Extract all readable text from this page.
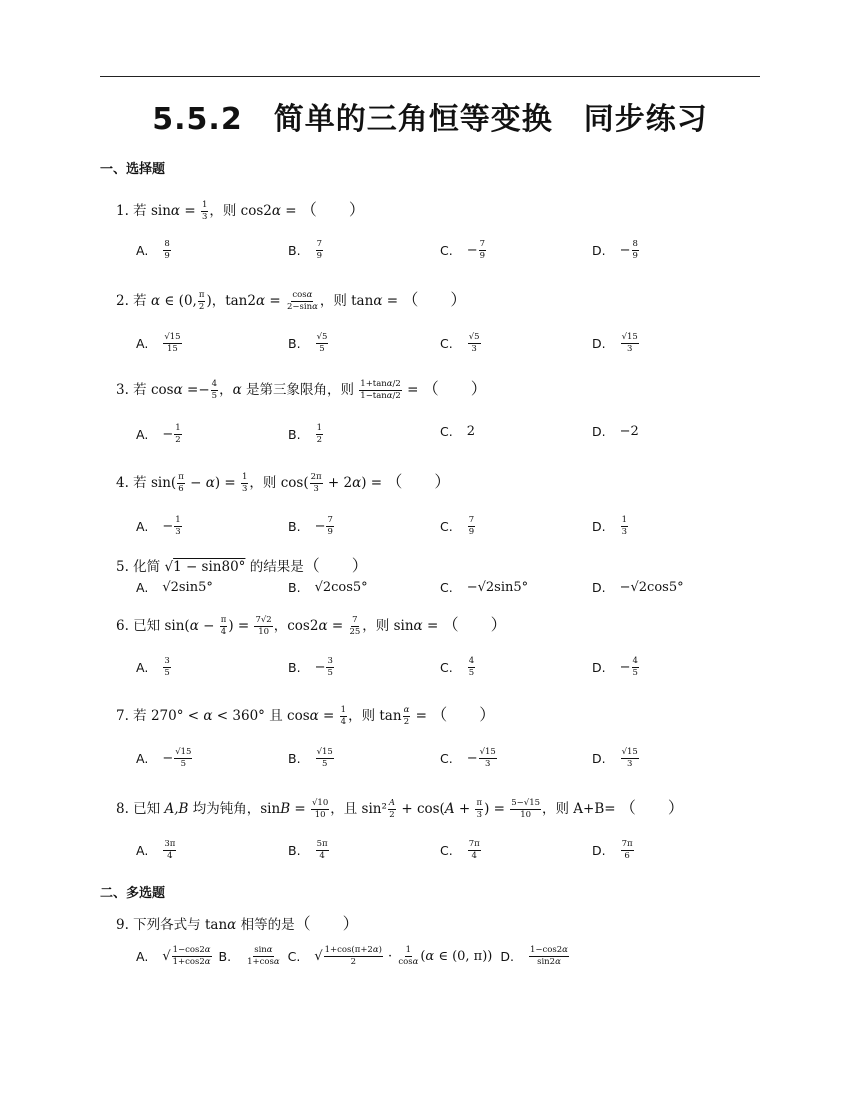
5.5.2　简单的三角恒等变换　同步练习
一、选择题
1. 若 $\sin\alpha = \frac{1}{3}$ ，则 cos2α = （　　）
A. $\frac{8}{9}$	B. $\frac{7}{9}$	C. − $\frac{7}{9}$	D. − $\frac{8}{9}$
2. 若 α ∈ (0, $\frac{\pi}{2}$ )，$\tan 2\alpha = \frac{\cos\alpha}{2-\sin\alpha}$ ，则 tanα = （　　）
A. $\frac{√15}{15}$	B. $\frac{√5}{5}$	C. $\frac{√5}{3}$	D. $\frac{√15}{3}$
3. 若 $\cos\alpha =- \frac{4}{5}$ ，α 是第三象限角，则 $\frac{1+\tan\alpha/2}{1-\tan\alpha/2}$ = （　　）
A. − $\frac{1}{2}$	B. $\frac{1}{2}$	C. 2	D. −2
4. 若 $\sin( \frac{\pi}{6} - \alpha) = \frac{1}{3}$ ，则 $\cos( \frac{2\pi}{3} + 2\alpha)$ = （　　）
A. − $\frac{1}{3}$	B. − $\frac{7}{9}$	C. $\frac{7}{9}$	D. $\frac{1}{3}$
5. 化简 √1 − sin80° 的结果是（　　）
A. √2sin5°	B. √2cos5°	C. −√2sin5°	D. −√2cos5°
6. 已知 $\sin(\alpha - \frac{\pi}{4}$ ) = $\frac{7√2}{10}$ ，$\cos 2\alpha = \frac{7}{25}$ ，则 sinα = （　　）
A. $\frac{3}{5}$	B. − $\frac{3}{5}$	C. $\frac{4}{5}$	D. − $\frac{4}{5}$
7. 若 270° < α < 360° 且 $\cos\alpha = \frac{1}{4}$ ，则 $\tan \frac{\alpha}{2}$ = （　　）
A. − $\frac{√15}{5}$	B. $\frac{√15}{5}$	C. − $\frac{√15}{3}$	D. $\frac{√15}{3}$
8. 已知 A,B 均为钝角，$\sin B = \frac{√10}{10}$ ，且 $\sin^2 \frac{A}{2} + \cos(A + \frac{\pi}{3}$ ) = $\frac{5-√15}{10}$ ，则 A+B= （　　）
A. $\frac{3\pi}{4}$	B. $\frac{5\pi}{4}$	C. $\frac{7\pi}{4}$	D. $\frac{7\pi}{6}$
二、多选题
9. 下列各式与 tanα 相等的是（　　）
A. √ $\frac{1-\cos 2\alpha}{1+\cos 2\alpha} B$. $\frac{\sin\alpha}{1+\cos\alpha} C$. √ $\frac{1+\cos(\pi+2\alpha)}{2} \cdot \frac{1}{\cos\alpha} (\alpha$ ∈ (0, π)) D. $\frac{1-\cos 2\alpha}{\sin 2\alpha}$
